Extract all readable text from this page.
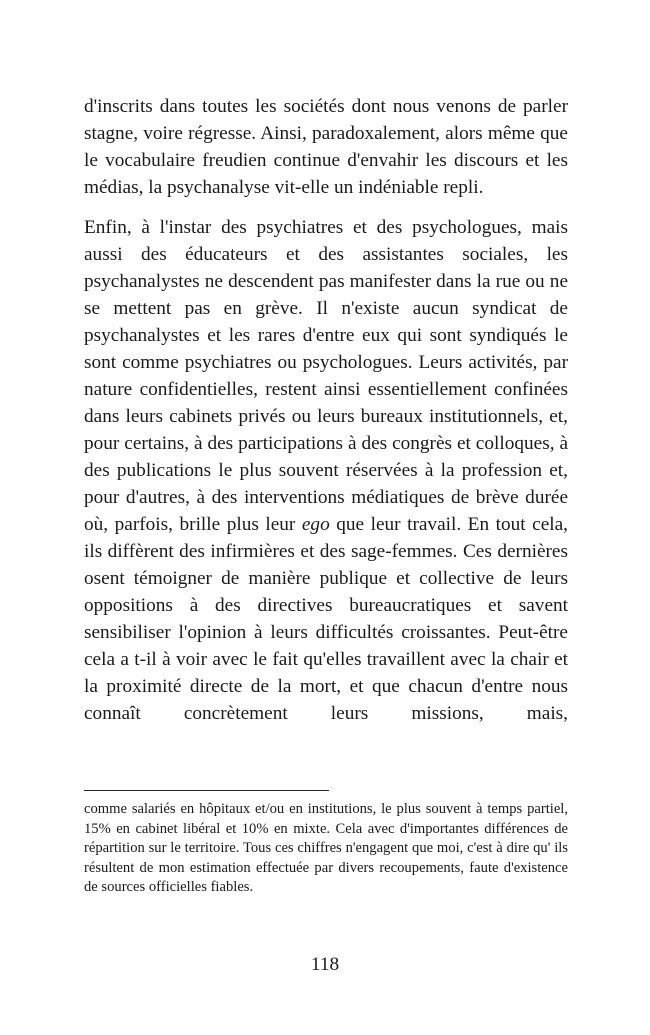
d'inscrits dans toutes les sociétés dont nous venons de parler stagne, voire régresse. Ainsi, paradoxalement, alors même que le vocabulaire freudien continue d'envahir les discours et les médias, la psychanalyse vit-elle un indéniable repli.

Enfin, à l'instar des psychiatres et des psychologues, mais aussi des éducateurs et des assistantes sociales, les psychanalystes ne descendent pas manifester dans la rue ou ne se mettent pas en grève. Il n'existe aucun syndicat de psychanalystes et les rares d'entre eux qui sont syndiqués le sont comme psychiatres ou psychologues. Leurs activités, par nature confidentielles, restent ainsi essentiellement confinées dans leurs cabinets privés ou leurs bureaux institutionnels, et, pour certains, à des participations à des congrès et colloques, à des publications le plus souvent réservées à la profession et, pour d'autres, à des interventions médiatiques de brève durée où, parfois, brille plus leur ego que leur travail. En tout cela, ils diffèrent des infirmières et des sage-femmes. Ces dernières osent témoigner de manière publique et collective de leurs oppositions à des directives bureaucratiques et savent sensibiliser l'opinion à leurs difficultés croissantes. Peut-être cela a t-il à voir avec le fait qu'elles travaillent avec la chair et la proximité directe de la mort, et que chacun d'entre nous connaît concrètement leurs missions, mais,

comme salariés en hôpitaux et/ou en institutions, le plus souvent à temps partiel, 15% en cabinet libéral et 10% en mixte. Cela avec d'importantes différences de répartition sur le territoire. Tous ces chiffres n'engagent que moi, c'est à dire qu' ils résultent de mon estimation effectuée par divers recoupements, faute d'existence de sources officielles fiables.

118
